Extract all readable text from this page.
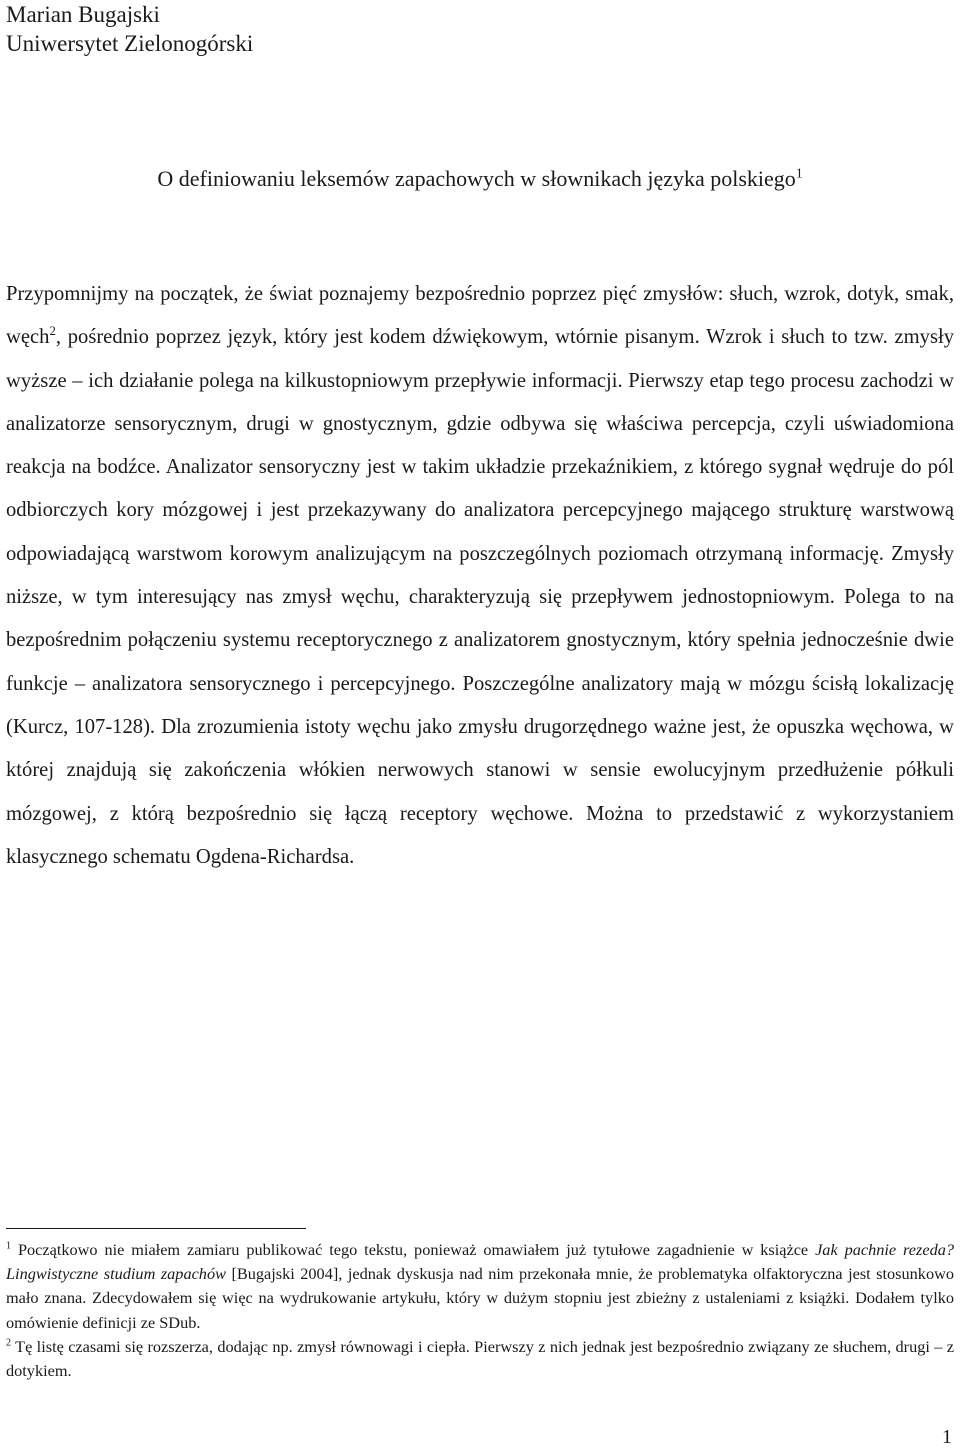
Marian Bugajski
Uniwersytet Zielonogórski
O definiowaniu leksemów zapachowych w słownikach języka polskiego$^1$

Przypomnijmy na początek, że świat poznajemy bezpośrednio poprzez pięć zmysłów: słuch, wzrok, dotyk, smak, węch$^2$, pośrednio poprzez język, który jest kodem dźwiękowym, wtórnie pisanym. Wzrok i słuch to tzw. zmysły wyższe – ich działanie polega na kilkustopniowym przepływie informacji. Pierwszy etap tego procesu zachodzi w analizatorze sensorycznym, drugi w gnostycznym, gdzie odbywa się właściwa percepcja, czyli uświadomiona reakcja na bodźce. Analizator sensoryczny jest w takim układzie przekaźnikiem, z którego sygnał wędruje do pól odbiorczych kory mózgowej i jest przekazywany do analizatora percepcyjnego mającego strukturę warstwową odpowiadającą warstwom korowym analizującym na poszczególnych poziomach otrzymaną informację. Zmysły niższe, w tym interesujący nas zmysł węchu, charakteryzują się przepływem jednostopniowym. Polega to na bezpośrednim połączeniu systemu receptorycznego z analizatorem gnostycznym, który spełnia jednocześnie dwie funkcje – analizatora sensorycznego i percepcyjnego. Poszczególne analizatory mają w mózgu ścisłą lokalizację (Kurcz, 107-128). Dla zrozumienia istoty węchu jako zmysłu drugorzędnego ważne jest, że opuszka węchowa, w której znajdują się zakończenia włókien nerwowych stanowi w sensie ewolucyjnym przedłużenie półkuli mózgowej, z którą bezpośrednio się łączą receptory węchowe. Można to przedstawić z wykorzystaniem klasycznego schematu Ogdena-Richardsa.

$^1$ Początkowo nie miałem zamiaru publikować tego tekstu, ponieważ omawiałem już tytułowe zagadnienie w książce Jak pachnie rezeda? Lingwistyczne studium zapachów [Bugajski 2004], jednak dyskusja nad nim przekonała mnie, że problematyka olfaktoryczna jest stosunkowo mało znana. Zdecydowałem się więc na wydrukowanie artykułu, który w dużym stopniu jest zbieżny z ustaleniami z książki. Dodałem tylko omówienie definicji ze SDub.

$^2$ Tę listę czasami się rozszerza, dodając np. zmysł równowagi i ciepła. Pierwszy z nich jednak jest bezpośrednio związany ze słuchem, drugi – z dotykiem.

1
